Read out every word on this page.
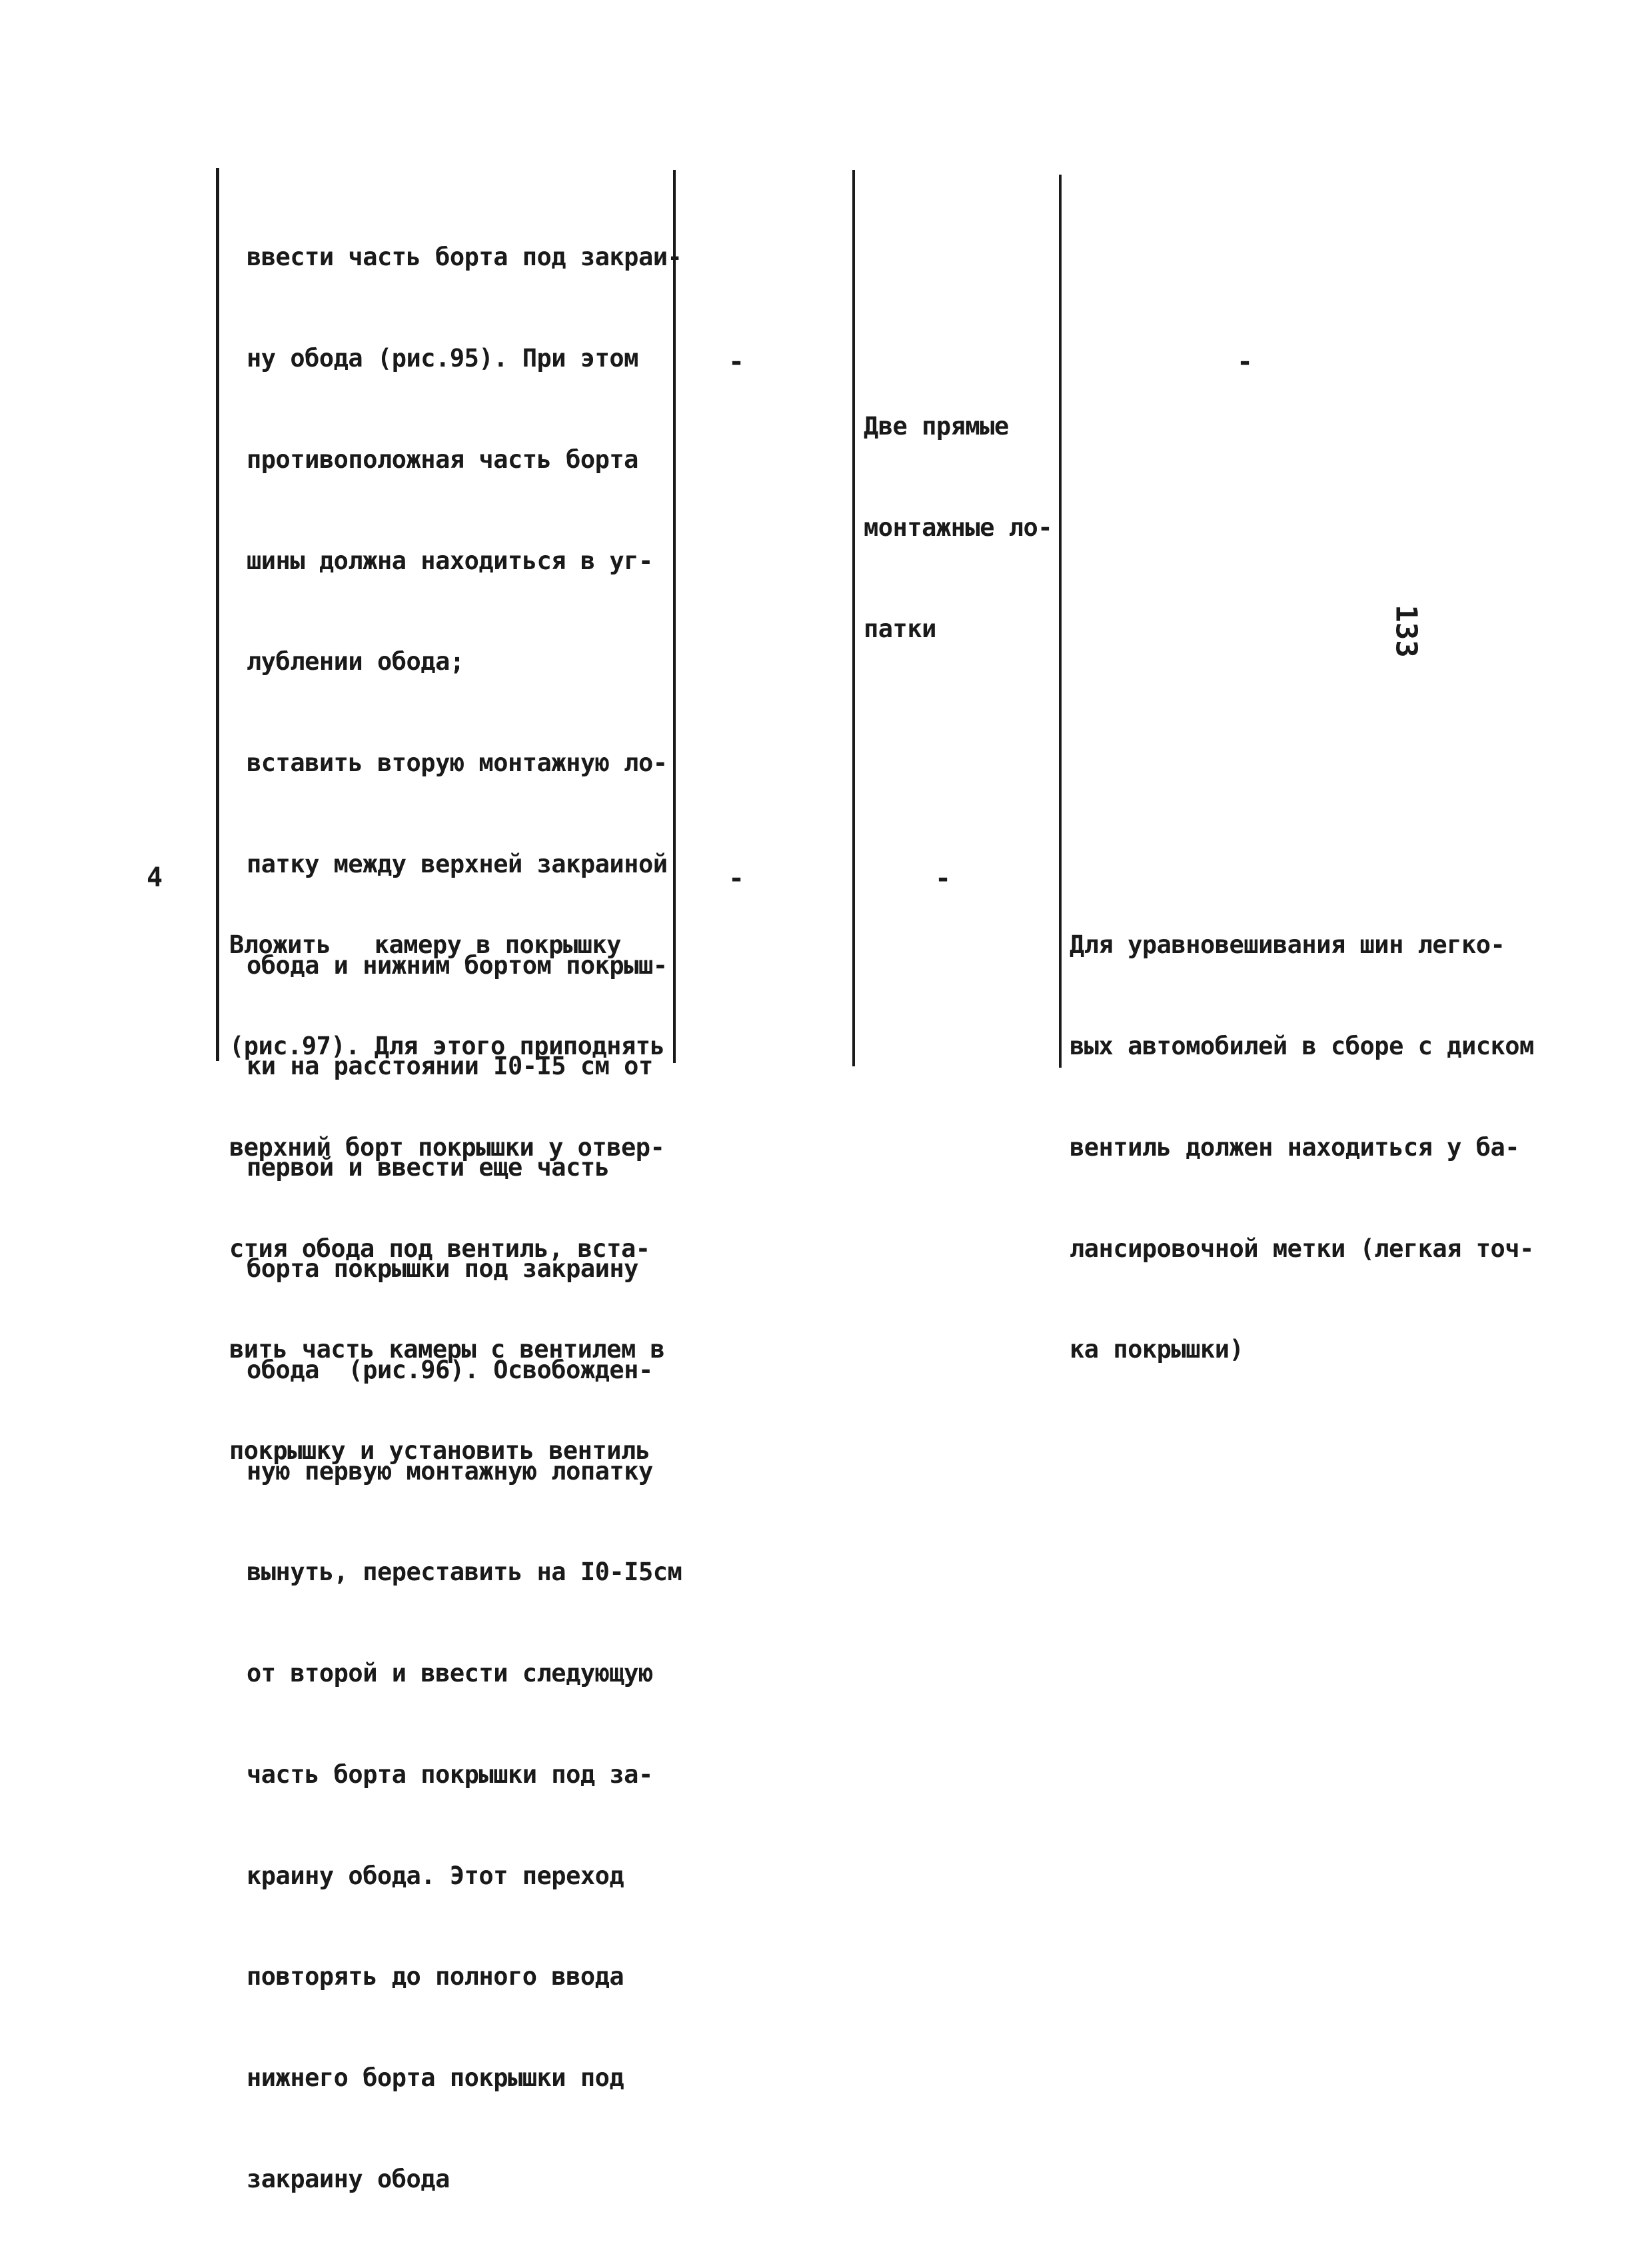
ввести часть борта под закраи-

ну обода (рис.95). При этом

противоположная часть борта

шины должна находиться в уг-

лублении обода;

вставить вторую монтажную ло-

патку между верхней закраиной

обода и нижним бортом покрыш-

ки на расстоянии I0-I5 см от

первой и ввести еще часть

борта покрышки под закраину

обода  (рис.96). Освобожден-

ную первую монтажную лопатку

вынуть, переставить на I0-I5см

от второй и ввести следующую

часть борта покрышки под за-

краину обода. Этот переход

повторять до полного ввода

нижнего борта покрышки под

закраину обода

-

Две прямые

монтажные ло-

патки

-
133
4

Вложить   камеру в покрышку

(рис.97). Для этого приподнять

верхний борт покрышки у отвер-

стия обода под вентиль, вста-

вить часть камеры с вентилем в

покрышку и установить вентиль

-	-

Для уравновешивания шин легко-

вых автомобилей в сборе с диском

вентиль должен находиться у ба-

лансировочной метки (легкая точ-

ка покрышки)
